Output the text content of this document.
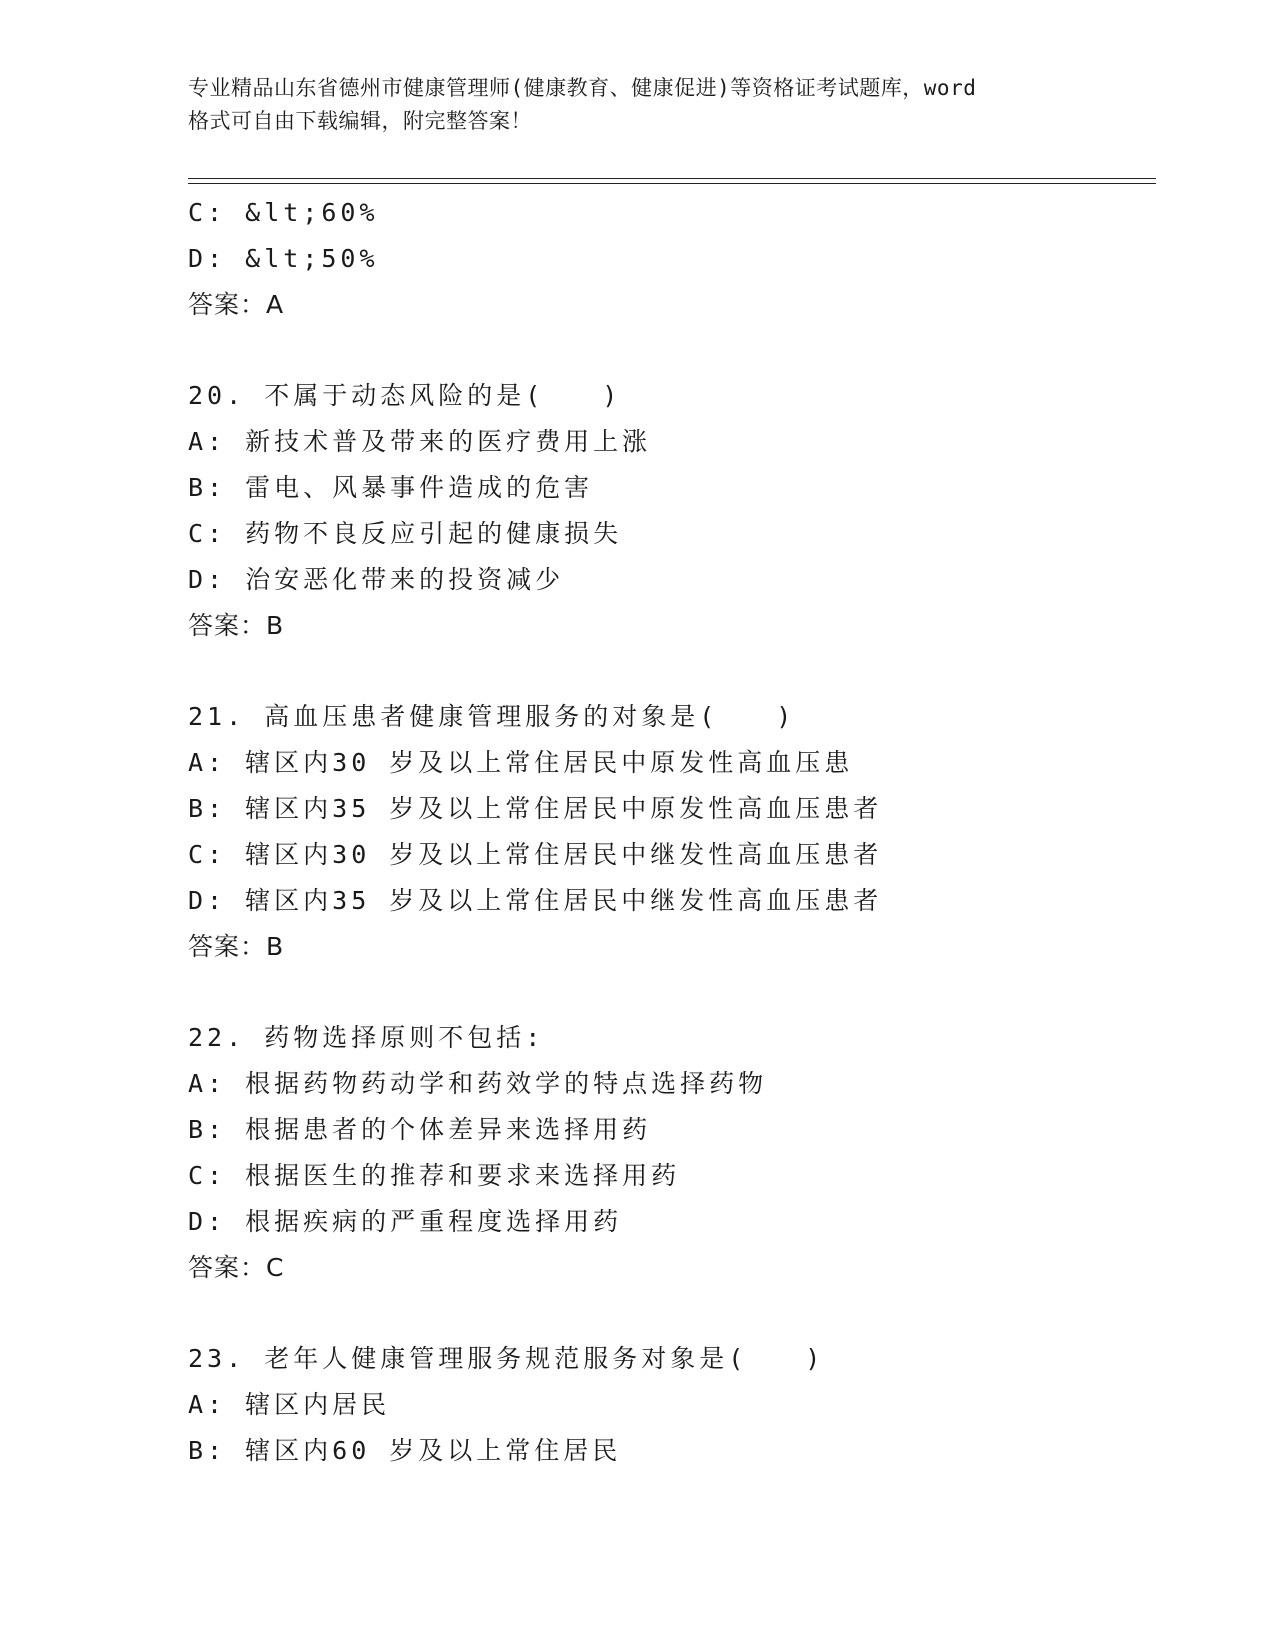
专业精品山东省德州市健康管理师(健康教育、健康促进)等资格证考试题库，word
格式可自由下载编辑，附完整答案！
C: &lt;60%
D: &lt;50%
答案：A
20. 不属于动态风险的是(　　)
A: 新技术普及带来的医疗费用上涨
B: 雷电、风暴事件造成的危害
C: 药物不良反应引起的健康损失
D: 治安恶化带来的投资减少
答案：B
21. 高血压患者健康管理服务的对象是(　　)
A: 辖区内30 岁及以上常住居民中原发性高血压患
B: 辖区内35 岁及以上常住居民中原发性高血压患者
C: 辖区内30 岁及以上常住居民中继发性高血压患者
D: 辖区内35 岁及以上常住居民中继发性高血压患者
答案：B
22. 药物选择原则不包括:
A: 根据药物药动学和药效学的特点选择药物
B: 根据患者的个体差异来选择用药
C: 根据医生的推荐和要求来选择用药
D: 根据疾病的严重程度选择用药
答案：C
23. 老年人健康管理服务规范服务对象是(　　)
A: 辖区内居民
B: 辖区内60 岁及以上常住居民
